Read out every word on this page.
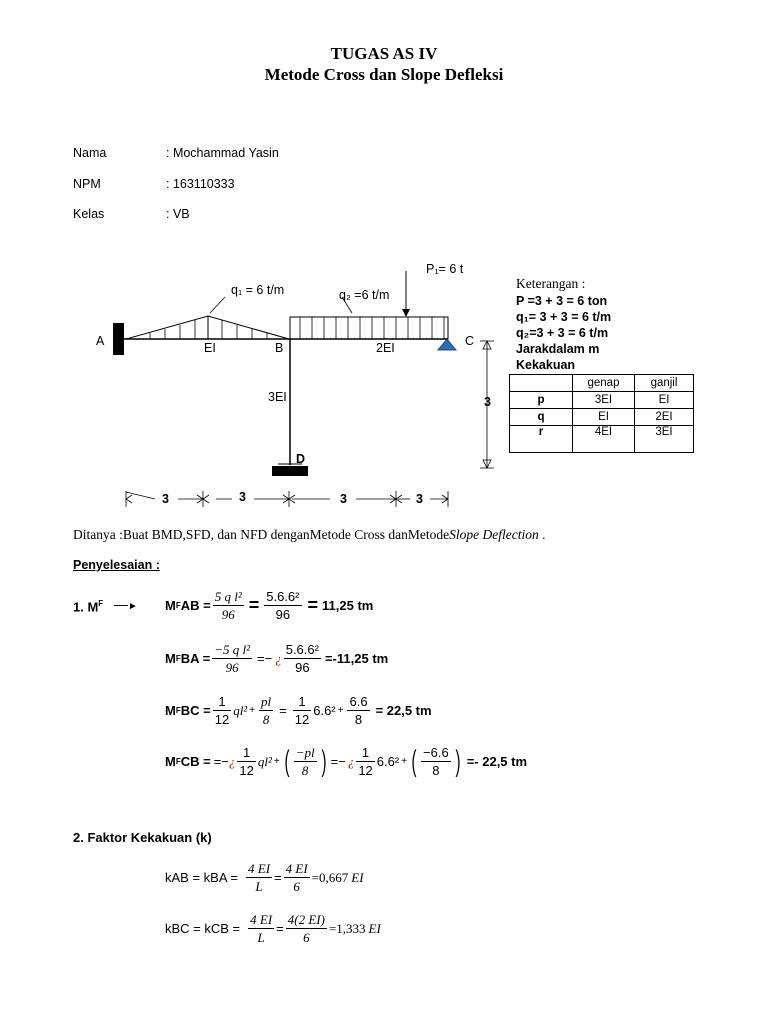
TUGAS AS IV
Metode Cross dan Slope Defleksi
Nama	: Mochammad Yasin
NPM	: 163110333
Kelas	: VB
q₁ = 6 t/m	q₂ =6 t/m
P₁= 6 t
A	B	C
D
EI	2EI
3EI	3
3	3	3	3
Keterangan :
P =3 + 3 = 6 ton
q₁= 3 + 3 = 6 t/m
q₂=3 + 3 = 6 t/m
Jarakdalam m
Kekakuan
	genap	ganjil
p	3EI	EI
q	EI	2EI
r	4EI	3EI
Ditanya :Buat BMD,SFD, dan NFD denganMetode Cross danMetodeSlope Deflection .
Penyelesaian :
1. $M^F$ —► M F AB = $\frac{\text{5 q l²}}{96} = \frac{\text{5.6.6²}}{96} = 11,25$ tm
M F BA = $\frac{\text{−5 q l²}}{96}$ =− ¿ $\frac{\text{5.6.6²}}{96} =-11,25$ tm
M F BC = $\frac{1}{12} ql^2 + \frac{pl}{8} = \frac{1}{12} 6.6^2 + \frac{6.6}{8} = 22,5$ tm
M F CB = =− ¿ $\frac{1}{12} ql^2$ + ( $\frac{-pl}{8}$ ) =− ¿ $\frac{1}{12} 6.6^2$ + ( $\frac{-6.6}{8}$ ) =- 22,5 tm
2. Faktor Kekakuan (k)
kAB = kBA = $\frac{4 EI}{L} = \frac{4 EI}{6} =0,667$ EI
kBC = kCB = $\frac{4 EI}{L} = \frac{4(2 EI)}{6} =1,333$ EI
